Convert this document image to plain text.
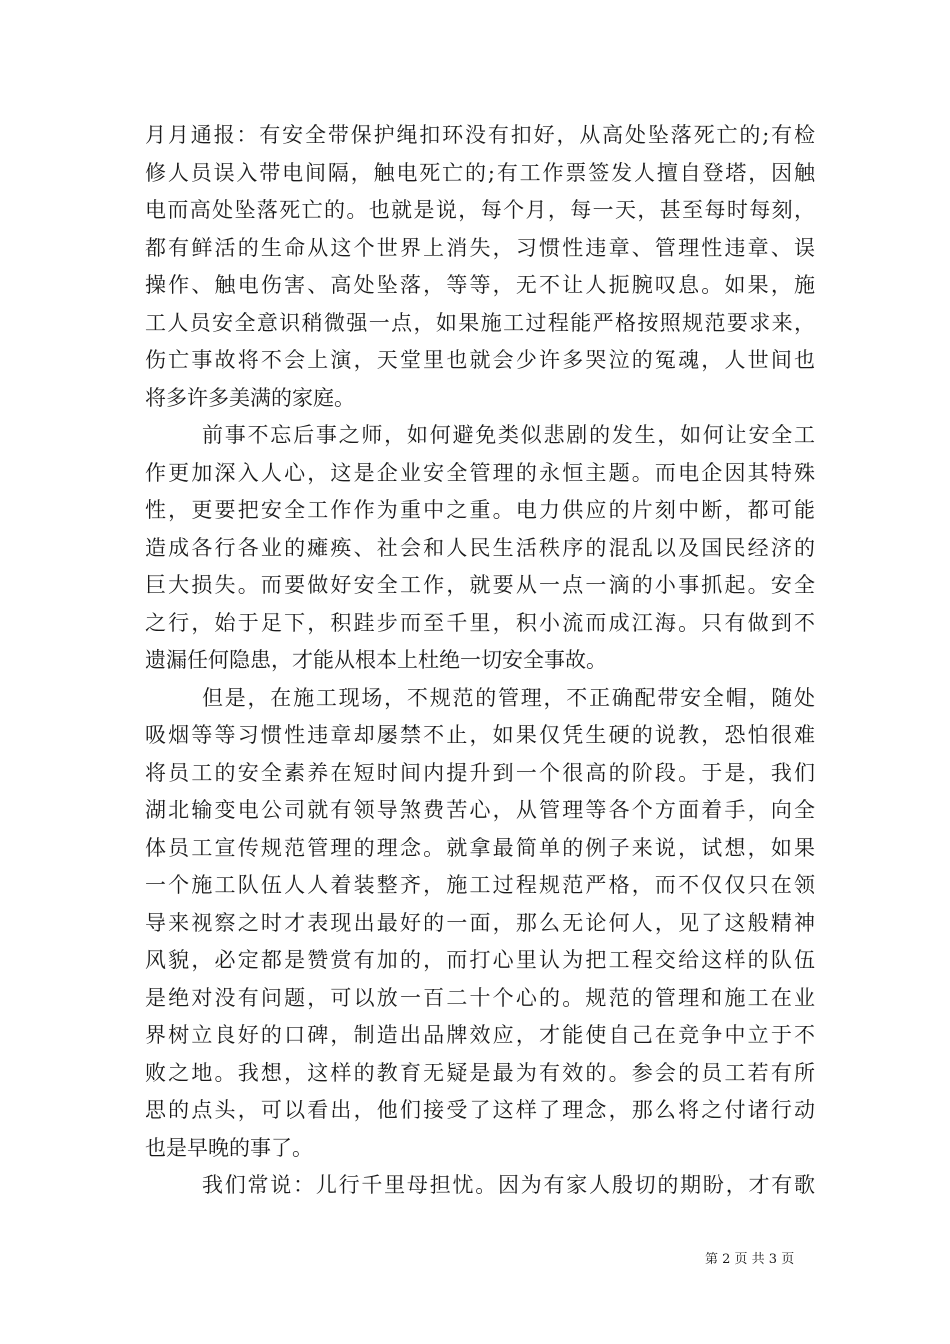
月月通报：有安全带保护绳扣环没有扣好，从高处坠落死亡的;有检
修人员误入带电间隔，触电死亡的;有工作票签发人擅自登塔，因触
电而高处坠落死亡的。也就是说，每个月，每一天，甚至每时每刻，
都有鲜活的生命从这个世界上消失，习惯性违章、管理性违章、误
操作、触电伤害、高处坠落，等等，无不让人扼腕叹息。如果，施
工人员安全意识稍微强一点，如果施工过程能严格按照规范要求来，
伤亡事故将不会上演，天堂里也就会少许多哭泣的冤魂，人世间也
将多许多美满的家庭。
前事不忘后事之师，如何避免类似悲剧的发生，如何让安全工
作更加深入人心，这是企业安全管理的永恒主题。而电企因其特殊
性，更要把安全工作作为重中之重。电力供应的片刻中断，都可能
造成各行各业的瘫痪、社会和人民生活秩序的混乱以及国民经济的
巨大损失。而要做好安全工作，就要从一点一滴的小事抓起。安全
之行，始于足下，积跬步而至千里，积小流而成江海。只有做到不
遗漏任何隐患，才能从根本上杜绝一切安全事故。
但是，在施工现场，不规范的管理，不正确配带安全帽，随处
吸烟等等习惯性违章却屡禁不止，如果仅凭生硬的说教，恐怕很难
将员工的安全素养在短时间内提升到一个很高的阶段。于是，我们
湖北输变电公司就有领导煞费苦心，从管理等各个方面着手，向全
体员工宣传规范管理的理念。就拿最简单的例子来说，试想，如果
一个施工队伍人人着装整齐，施工过程规范严格，而不仅仅只在领
导来视察之时才表现出最好的一面，那么无论何人，见了这般精神
风貌，必定都是赞赏有加的，而打心里认为把工程交给这样的队伍
是绝对没有问题，可以放一百二十个心的。规范的管理和施工在业
界树立良好的口碑，制造出品牌效应，才能使自己在竞争中立于不
败之地。我想，这样的教育无疑是最为有效的。参会的员工若有所
思的点头，可以看出，他们接受了这样了理念，那么将之付诸行动
也是早晚的事了。
我们常说：儿行千里母担忧。因为有家人殷切的期盼，才有歌
第 2 页 共 3 页
